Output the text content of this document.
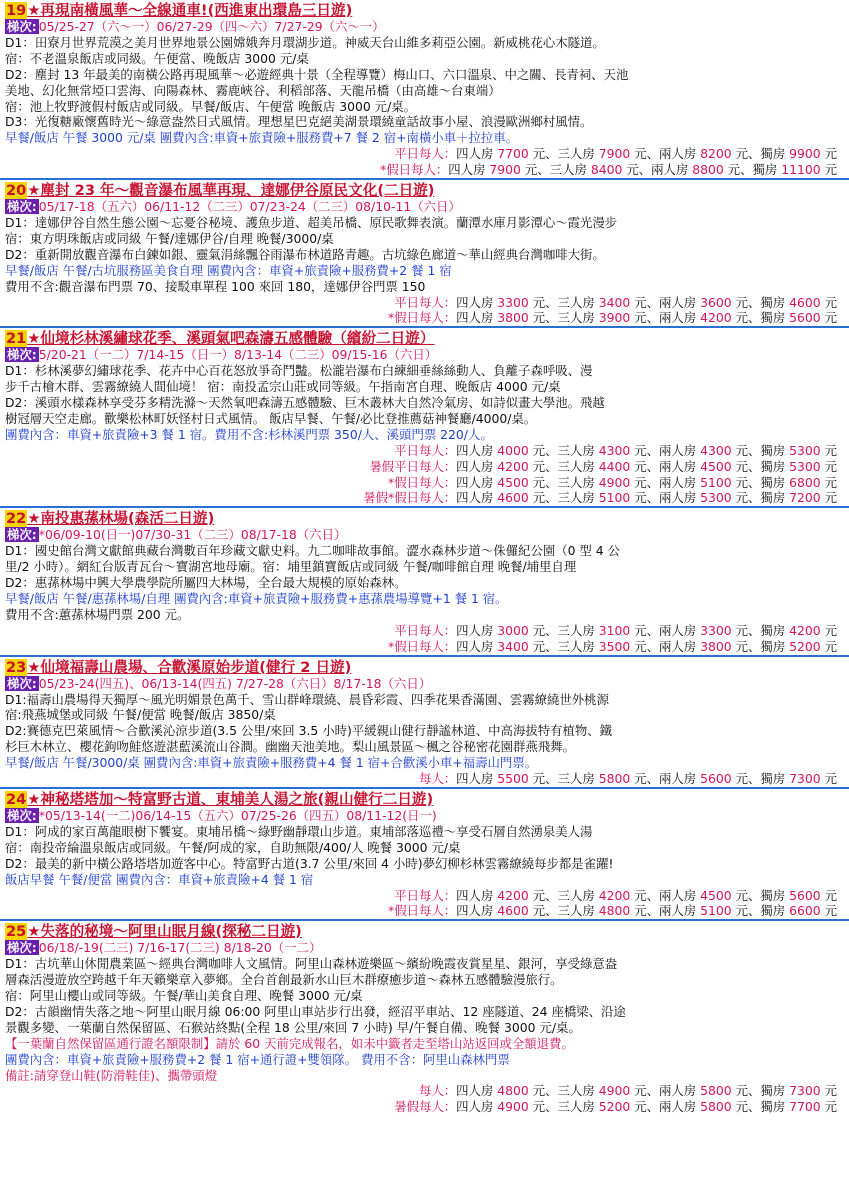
19★再現南橫風華～全線通車!(西進東出環島三日遊)
梯次: 05/25-27（六～一）06/27-29（四～六）7/27-29（六～一）
D1：田寮月世界荒漠之美月世界地景公園嫦娥奔月環湖步道。神威天台山維多莉亞公園。新威桃花心木隧道。
宿：不老溫泉飯店或同級。午便當、晚飯店 3000 元/桌
D2：塵封 13 年最美的南橫公路再現風華～必遊經典十景（全程導覽）梅山口、六口溫泉、中之關、長青祠、天池
美地、幻化無常埡口雲海、向陽森林、霧鹿峽谷、利稻部落、天龍吊橋（由高雄～台東端）
宿：池上牧野渡假村飯店或同級。早餐/飯店、午便當 晚飯店 3000 元/桌。
D3：光復糖廠懷舊時光～綠意盎然日式風情。理想星巴克絕美湖景環繞童話故事小屋、浪漫歐洲鄉村風情。
早餐/飯店 午餐 3000 元/桌 團費內含:車資+旅責險+服務費+7 餐 2 宿+南橫小車＋拉拉車。
平日每人：四人房 7700 元、三人房 7900 元、兩人房 8200 元、獨房 9900 元
*假日每人：四人房 7900 元、三人房 8400 元、兩人房 8800 元、獨房 11100 元
20★塵封 23 年～觀音瀑布風華再現、達娜伊谷原民文化(二日遊)
梯次: 05/17-18（五六）06/11-12（二三）07/23-24（二三）08/10-11（六日）
D1：達娜伊谷自然生態公園～忘憂谷秘境、護魚步道、超美吊橋、原民歌舞表演。蘭潭水庫月影潭心～霞光漫步
宿：東方明珠飯店或同級 午餐/達娜伊谷/自理 晚餐/3000/桌
D2：重新開放觀音瀑布白鍊如銀、靈氣涓絲飄谷雨瀑布林道路青趣。古坑綠色廊道～華山經典台灣咖啡大街。
早餐/飯店 午餐/古坑服務區美食自理 團費內含：車資+旅責險+服務費+2 餐 1 宿
費用不含:觀音瀑布門票 70、接駁車單程 100 來回 180，達娜伊谷門票 150
平日每人：四人房 3300 元、三人房 3400 元、兩人房 3600 元、獨房 4600 元
*假日每人：四人房 3800 元、三人房 3900 元、兩人房 4200 元、獨房 5600 元
21★仙境杉林溪繡球花季、溪頭氣吧森濤五感體驗（繽紛二日遊）
梯次: 5/20-21（一二）7/14-15（日一）8/13-14（二三）09/15-16（六日）
D1：杉林溪夢幻繡球花季、花卉中心百花怒放爭奇鬥豔。松瀧岩瀑布白練細垂絲絲動人、負離子森呼吸、漫
步千古檜木群、雲霧繚繞人間仙境！ 宿：南投孟宗山莊或同等級。午指南宮自理、晚飯店 4000 元/桌
D2：溪頭水樣森林享受芬多精洗滌～天然氧吧森濤五感體驗、巨木叢林大自然冷氣房、如詩似畫大學池。飛越
樹冠層天空走廊。歡樂松林町妖怪村日式風情。 飯店早餐、午餐/必比登推薦菇神餐廳/4000/桌。
團費內含：車資+旅責險+3 餐 1 宿。費用不含:杉林溪門票 350/人、溪頭門票 220/人。
平日每人：四人房 4000 元、三人房 4300 元、兩人房 4300 元、獨房 5300 元
暑假平日每人：四人房 4200 元、三人房 4400 元、兩人房 4500 元、獨房 5300 元
*假日每人：四人房 4500 元、三人房 4900 元、兩人房 5100 元、獨房 6800 元
暑假*假日每人：四人房 4600 元、三人房 5100 元、兩人房 5300 元、獨房 7200 元
22★南投惠蓀林場(森活二日遊)
梯次: *06/09-10(日一)07/30-31（二三）08/17-18（六日）
D1：國史館台灣文獻館典藏台灣數百年珍藏文獻史料。九二咖啡故事館。澀水森林步道～侏儸紀公園（0 型 4 公
里/2 小時）。網紅台版青瓦台～寶湖宮地母廟。宿：埔里鎮寶飯店或同級 午餐/咖啡館自理 晚餐/埔里自理
D2：惠蓀林場中興大學農學院所屬四大林場，全台最大規模的原始森林。
早餐/飯店 午餐/惠蓀林場/自理 團費內含:車資+旅責險+服務費+惠蓀農場導覽+1 餐 1 宿。
費用不含:蕙蓀林場門票 200 元。
平日每人：四人房 3000 元、三人房 3100 元、兩人房 3300 元、獨房 4200 元
*假日每人：四人房 3400 元、三人房 3500 元、兩人房 3800 元、獨房 5200 元
23★仙境福壽山農場、合歡溪原始步道(健行 2 日遊)
梯次: 05/23-24(四五)、06/13-14(四五) 7/27-28（六日）8/17-18（六日）
D1:福壽山農場得天獨厚～風光明媚景色萬千、雪山群峰環繞、晨昏彩霞、四季花果香滿園、雲霧繚繞世外桃源
宿:飛燕城堡或同級 午餐/便當 晚餐/飯店 3850/桌
D2:賽德克巴萊風情～合歡溪沁涼步道(3.5 公里/來回 3.5 小時)平緩親山健行靜謐林道、中高海拔特有植物、鐵
杉巨木林立、櫻花鉤吻鮭悠遊湛藍溪流山谷澗。幽幽天池美地。梨山風景區～楓之谷秘密花園群燕飛舞。
早餐/飯店 午餐/3000/桌 團費內含:車資+旅責險+服務費+4 餐 1 宿+合歡溪小車+福壽山門票。
每人：四人房 5500 元、三人房 5800 元、兩人房 5600 元、獨房 7300 元
24★神秘塔塔加～特富野古道、東埔美人湯之旅(親山健行二日遊)
梯次: *05/13-14(一二)06/14-15（五六）07/25-26（四五）08/11-12(日一)
D1：阿成的家百萬龍眼樹下饗宴。東埔吊橋～綠野幽靜環山步道。東埔部落巡禮～享受石層自然湧泉美人湯
宿：南投帝綸溫泉飯店或同級。午餐/阿成的家，自助無限/400/人 晚餐 3000 元/桌
D2：最美的新中橫公路塔塔加遊客中心。特富野古道(3.7 公里/來回 4 小時)夢幻柳杉林雲霧繚繞每步都是雀躍!
飯店早餐 午餐/便當 團費內含：車資+旅責險+4 餐 1 宿
平日每人：四人房 4200 元、三人房 4200 元、兩人房 4500 元、獨房 5600 元
*假日每人：四人房 4600 元、三人房 4800 元、兩人房 5100 元、獨房 6600 元
25★失落的秘境～阿里山眠月線(探秘二日遊)
梯次: 06/18/-19(二三) 7/16-17(二三) 8/18-20（一二）
D1：古坑華山休閒農業區～經典台灣咖啡人文風情。阿里山森林遊樂區～繽紛晚霞夜賞星星、銀河，享受綠意盎
層森活漫遊放空跨越千年天籟樂章入夢鄉。全台首創最新水山巨木群療癒步道～森林五感體驗漫旅行。
宿：阿里山櫻山或同等級。午餐/華山美食自理、晚餐 3000 元/桌
D2：古韻幽情失落之地～阿里山眠月線 06:00 阿里山車站步行出發，經沼平車站、12 座隧道、24 座橋梁、沿途
景觀多變、一葉蘭自然保留區、石猴站終點(全程 18 公里/來回 7 小時) 早/午餐自備、晚餐 3000 元/桌。
【一葉蘭自然保留區通行證名額限制】請於 60 天前完成報名，如未中籤者走至塔山站返回或全額退費。
團費內含：車資+旅責險+服務費+2 餐 1 宿+通行證+雙領隊。 費用不含：阿里山森林門票
備註:請穿登山鞋(防滑鞋佳)、攜帶頭燈
每人：四人房 4800 元、三人房 4900 元、兩人房 5800 元、獨房 7300 元
暑假每人：四人房 4900 元、三人房 5200 元、兩人房 5800 元、獨房 7700 元
